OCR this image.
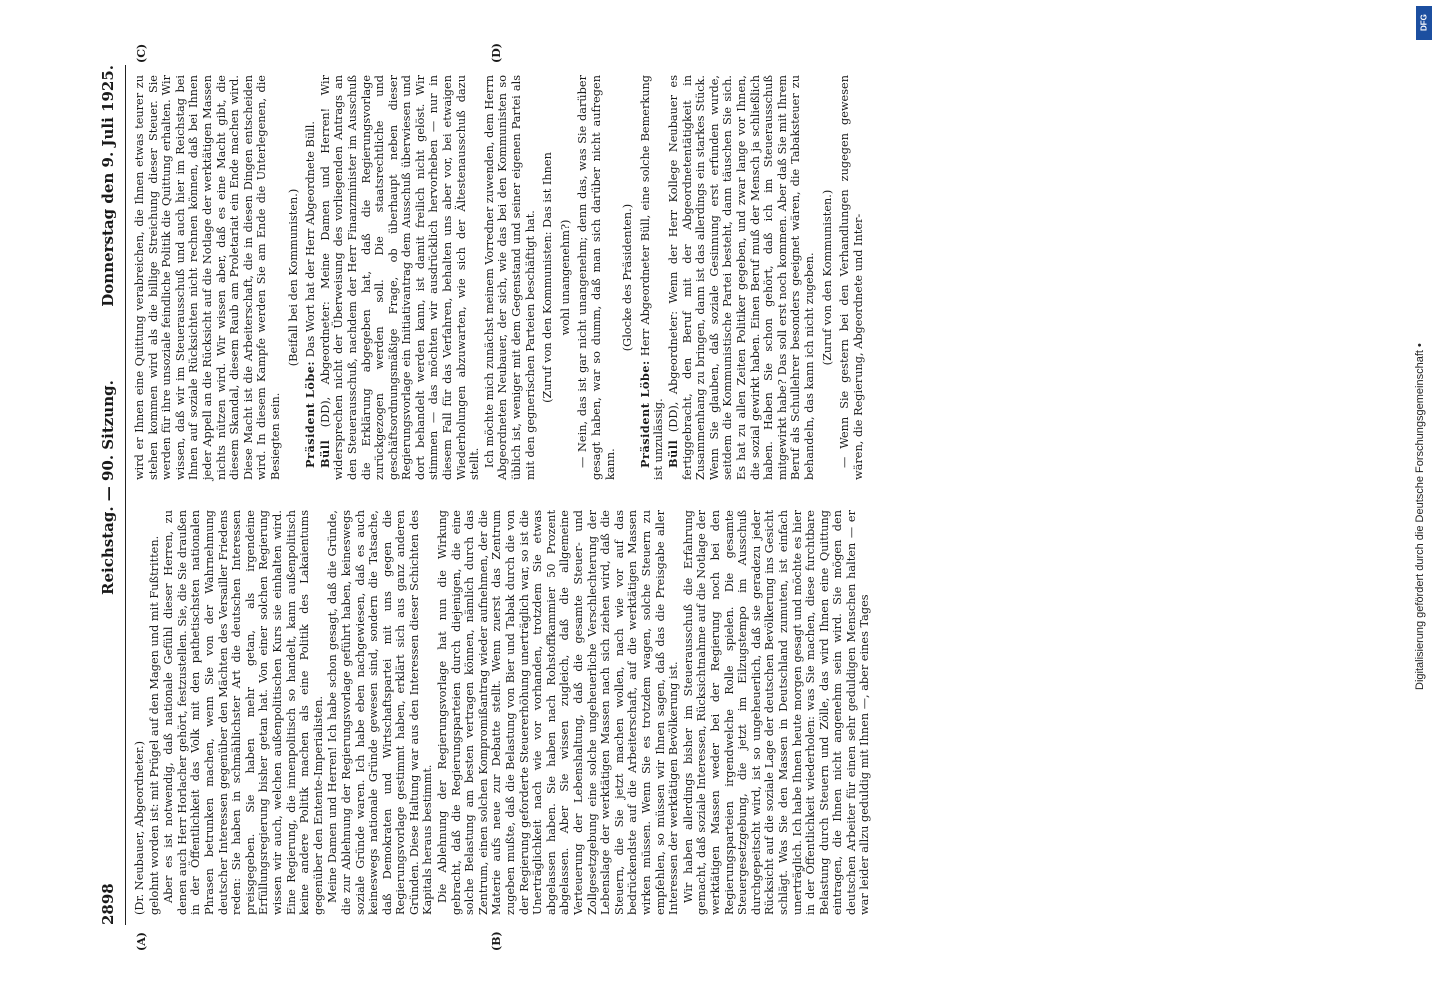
2898
Reichstag. — 90. Sitzung.
Donnerstag den 9. Juli 1925.
(A)	(B)
(C)	(D)

(Dr. Neubauer, Abgeordneter.) gelohnt worden ist: mit Prügel auf den Magen und mit Fußtritten. Aber es ist notwendig, daß nationale Gefühl dieser Herren, zu denen auch Herr Horlacher gehört, festzustellen. Sie, die Sie draußen in der Öffentlichkeit das Volk mit den pathetischsten nationalen Phrasen betrunken machen, wenn Sie von der Wahrnehmung deutscher Interessen gegenüber den Mächten des Versailler Friedens reden: Sie haben in schmählichster Art die deutschen Interessen preisgegeben. Sie haben mehr getan, als irgendeine Erfüllungsregierung bisher getan hat. Von einer solchen Regierung wissen wir auch, welchen außenpolitischen Kurs sie einhalten wird. Eine Regierung, die innenpolitisch so handelt, kann außenpolitisch keine andere Politik machen als eine Politik des Lakaientums gegenüber den Entente-Imperialisten. Meine Damen und Herren! Ich habe schon gesagt, daß die Gründe, die zur Ablehnung der Regierungsvorlage geführt haben, keineswegs soziale Gründe waren. Ich habe eben nachgewiesen, daß es auch keineswegs nationale Gründe gewesen sind, sondern die Tatsache, daß Demokraten und Wirtschaftspartei mit uns gegen die Regierungsvorlage gestimmt haben, erklärt sich aus ganz anderen Gründen. Diese Haltung war aus den Interessen dieser Schichten des Kapitals heraus bestimmt. Die Ablehnung der Regierungsvorlage hat nun die Wirkung gebracht, daß die Regierungsparteien durch diejenigen, die eine solche Belastung am besten vertragen können, nämlich durch das Zentrum, einen solchen Kompromißantrag wieder aufnehmen, der die Materie aufs neue zur Debatte stellt. Wenn zuerst das Zentrum zugeben mußte, daß die Belastung von Bier und Tabak durch die von der Regierung geforderte Steuererhöhung unerträglich war, so ist die Unerträglichkeit nach wie vor vorhanden, trotzdem Sie etwas abgelassen haben. Sie haben nach Rohstoffkammier 50 Prozent abgelassen. Aber Sie wissen zugleich, daß die allgemeine Verteuerung der Lebenshaltung, daß die gesamte Steuer- und Zollgesetzgebung eine solche ungeheuerliche Verschlechterung der Lebenslage der werktätigen Massen nach sich ziehen wird, daß die Steuern, die Sie jetzt machen wollen, nach wie vor auf das bedrückendste auf die Arbeiterschaft, auf die werktätigen Massen wirken müssen. Wenn Sie es trotzdem wagen, solche Steuern zu empfehlen, so müssen wir Ihnen sagen, daß das die Preisgabe aller Interessen der werktätigen Bevölkerung ist. Wir haben allerdings bisher im Steuerausschuß die Erfahrung gemacht, daß soziale Interessen, Rücksichtnahme auf die Notlage der werktätigen Massen weder bei der Regierung noch bei den Regierungsparteien irgendwelche Rolle spielen. Die gesamte Steuergesetzgebung, die jetzt im Eilzugstempo im Ausschuß durchgepeitscht wird, ist so ungeheuerlich, daß sie geradezu jeder Rücksicht auf die soziale Lage der deutschen Bevölkerung ins Gesicht schlägt. Was Sie den Massen in Deutschland zumuten, ist einfach unerträglich. Ich habe Ihnen heute morgen gesagt und möchte es hier in der Öffentlichkeit wiederholen: was Sie machen, diese furchtbare Belastung durch Steuern und Zölle, das wird Ihnen eine Quittung eintragen, die Ihnen nicht angenehm sein wird. Sie mögen den deutschen Arbeiter für einen sehr geduldigen Menschen halten — er war leider allzu geduldig mit Ihnen —, aber eines Tages

wird er Ihnen eine Quittung verabreichen, die Ihnen etwas teurer zu stehen kommen wird als die billige Streichung dieser Steuer. Sie werden für ihre unsoziale feindliche Politik die Quittung erhalten. Wir wissen, daß wir im Steuerausschuß und auch hier im Reichstag bei Ihnen auf soziale Rücksichten nicht rechnen können, daß bei Ihnen jeder Appell an die Rücksicht auf die Notlage der werktätigen Massen nichts nützen wird. Wir wissen aber, daß es eine Macht gibt, die diesem Skandal, diesem Raub am Proletariat ein Ende machen wird. Diese Macht ist die Arbeiterschaft, die in diesen Dingen entscheiden wird. In diesem Kampfe werden Sie am Ende die Unterlegenen, die Besiegten sein.

(Beifall bei den Kommunisten.)

Präsident Löbe: Das Wort hat der Herr Abgeordnete Büll.

Büll (DD), Abgeordneter: Meine Damen und Herren! Wir widersprechen nicht der Überweisung des vorliegenden Antrags an den Steuerausschuß, nachdem der Herr Finanzminister im Ausschuß die Erklärung abgegeben hat, daß die Regierungsvorlage zurückgezogen werden soll. Die staatsrechtliche und geschäftsordnungsmäßige Frage, ob überhaupt neben dieser Regierungsvorlage ein Initiativantrag dem Ausschuß überwiesen und dort behandelt werden kann, ist damit freilich nicht gelöst. Wir stimmen — das möchten wir ausdrücklich hervorheben — nur in diesem Fall für das Verfahren, behalten uns aber vor, bei etwaigen Wiederholungen abzuwarten, wie sich der Ältestenausschuß dazu stellt. Ich möchte mich zunächst meinem Vorredner zuwenden, dem Herrn Abgeordneten Neubauer, der sich, wie das bei den Kommunisten so üblich ist, weniger mit dem Gegenstand und seiner eigenen Partei als mit den gegnerischen Parteien beschäftigt hat. (Zuruf von den Kommunisten: Das ist Ihnen wohl unangenehm?) — Nein, das ist gar nicht unangenehm; denn das, was Sie darüber gesagt haben, war so dumm, daß man sich darüber nicht aufregen kann.

(Glocke des Präsidenten.)

Präsident Löbe: Herr Abgeordneter Büll, eine solche Bemerkung ist unzulässig. Büll (DD), Abgeordneter: Wenn der Herr Kollege Neubauer es fertiggebracht, den Beruf mit der Abgeordnetentätigkeit in Zusammenhang zu bringen, dann ist das allerdings ein starkes Stück. Wenn Sie glauben, daß soziale Gesinnung erst erfunden wurde, seitdem die Kommunistische Partei besteht, dann täuschen Sie sich. Es hat zu allen Zeiten Politiker gegeben, und zwar lange vor Ihnen, die sozial gewirkt haben. Einen Beruf muß der Mensch ja schließlich haben. Haben Sie schon gehört, daß ich im Steuerausschuß mitgewirkt habe? Das soll erst noch kommen. Aber daß Sie mit Ihrem Beruf als Schullehrer besonders geeignet wären, die Tabaksteuer zu behandeln, das kann ich nicht zugeben. (Zuruf von den Kommunisten.) — Wenn Sie gestern bei den Verhandlungen zugegen gewesen wären, die Regierung, Abgeordnete und Inter-	Digitalisierung gefördert durch die Deutsche Forschungsgemeinschaft •
DFG
